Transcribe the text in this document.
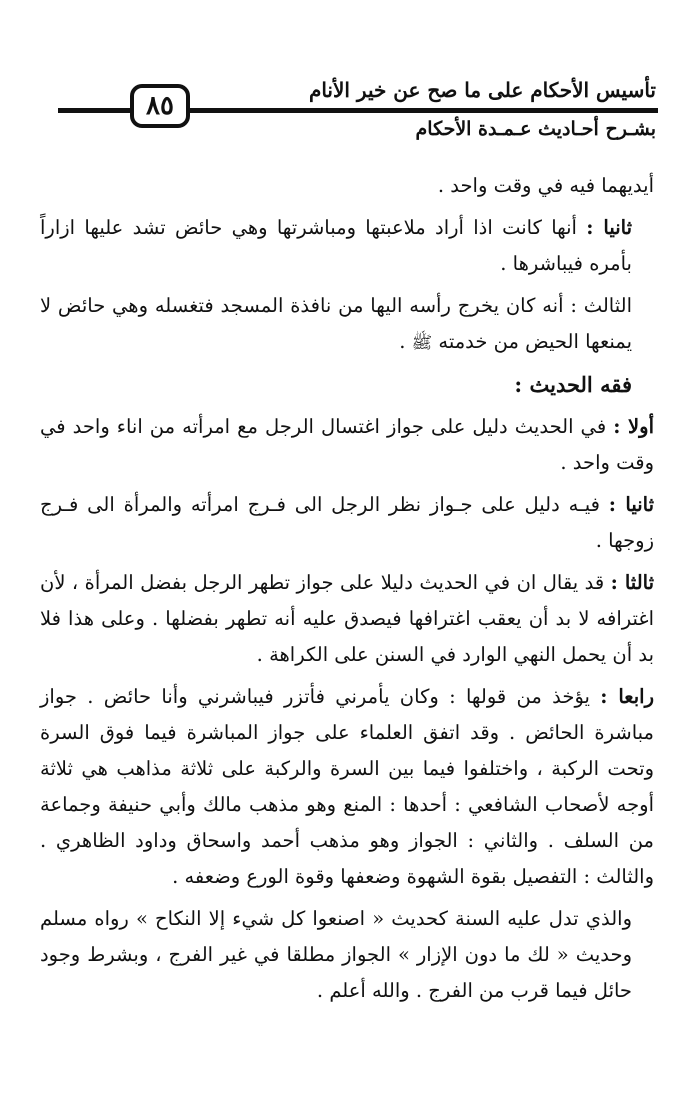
تأسيس الأحكام على ما صح عن خير الأنام
٨٥
بشـرح أحـاديث عـمـدة الأحكام

أيديهما فيه في وقت واحد .

ثانيا : أنها كانت اذا أراد ملاعبتها ومباشرتها وهي حائض تشد عليها ازاراً بأمره فيباشرها .

الثالث : أنه كان يخرج رأسه اليها من نافذة المسجد فتغسله وهي حائض لا يمنعها الحيض من خدمته ﷺ .

فقه الحديث :

أولا : في الحديث دليل على جواز اغتسال الرجل مع امرأته من اناء واحد في وقت واحد .

ثانيا : فيـه دليل على جـواز نظر الرجل الى فـرج امرأته والمرأة الى فـرج زوجها .

ثالثا : قد يقال ان في الحديث دليلا على جواز تطهر الرجل بفضل المرأة ، لأن اغترافه لا بد أن يعقب اغترافها فيصدق عليه أنه تطهر بفضلها . وعلى هذا فلا بد أن يحمل النهي الوارد في السنن على الكراهة .

رابعا : يؤخذ من قولها : وكان يأمرني فأتزر فيباشرني وأنا حائض . جواز مباشرة الحائض . وقد اتفق العلماء على جواز المباشرة فيما فوق السرة وتحت الركبة ، واختلفوا فيما بين السرة والركبة على ثلاثة مذاهب هي ثلاثة أوجه لأصحاب الشافعي : أحدها : المنع وهو مذهب مالك وأبي حنيفة وجماعة من السلف . والثاني : الجواز وهو مذهب أحمد واسحاق وداود الظاهري . والثالث : التفصيل بقوة الشهوة وضعفها وقوة الورع وضعفه .

والذي تدل عليه السنة كحديث « اصنعوا كل شيء إلا النكاح » رواه مسلم وحديث « لك ما دون الإزار » الجواز مطلقا في غير الفرج ، وبشرط وجود حائل فيما قرب من الفرج . والله أعلم .
